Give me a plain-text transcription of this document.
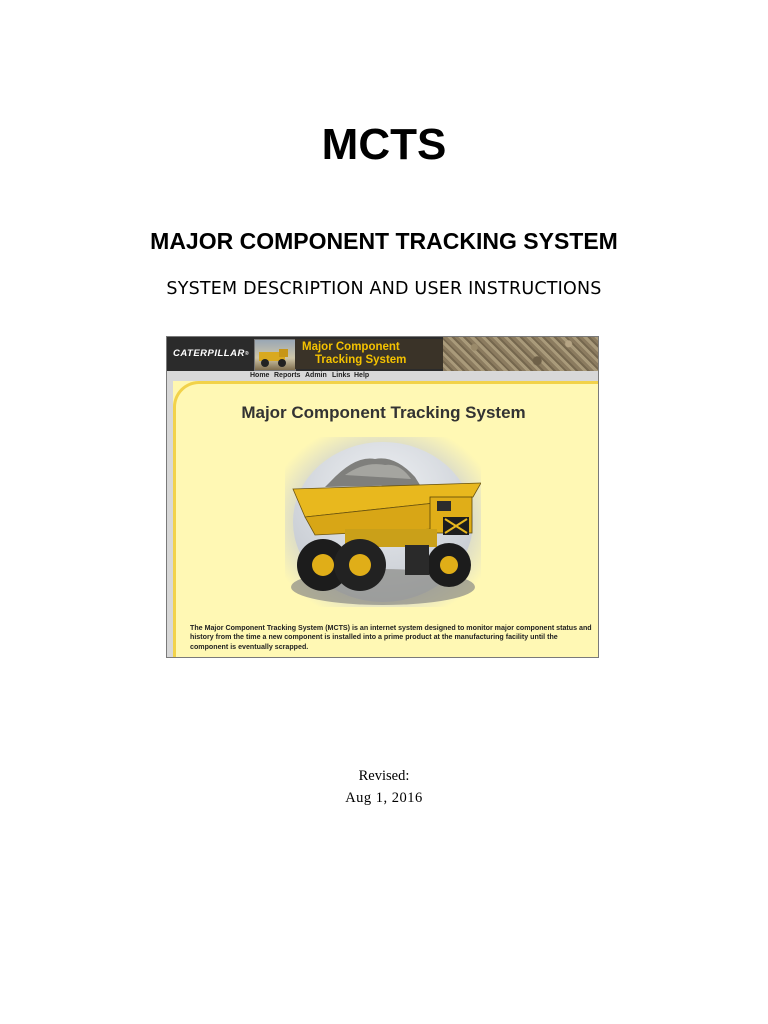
MCTS
MAJOR COMPONENT TRACKING SYSTEM
SYSTEM DESCRIPTION AND USER INSTRUCTIONS
CATERPILLAR®
Major Component
Tracking System
Home Reports Admin Links Help
Major Component Tracking System
The Major Component Tracking System (MCTS) is an internet system designed to monitor major component status and history from the time a new component is installed into a prime product at the manufacturing facility until the component is eventually scrapped.
Revised:
Aug 1, 2016
